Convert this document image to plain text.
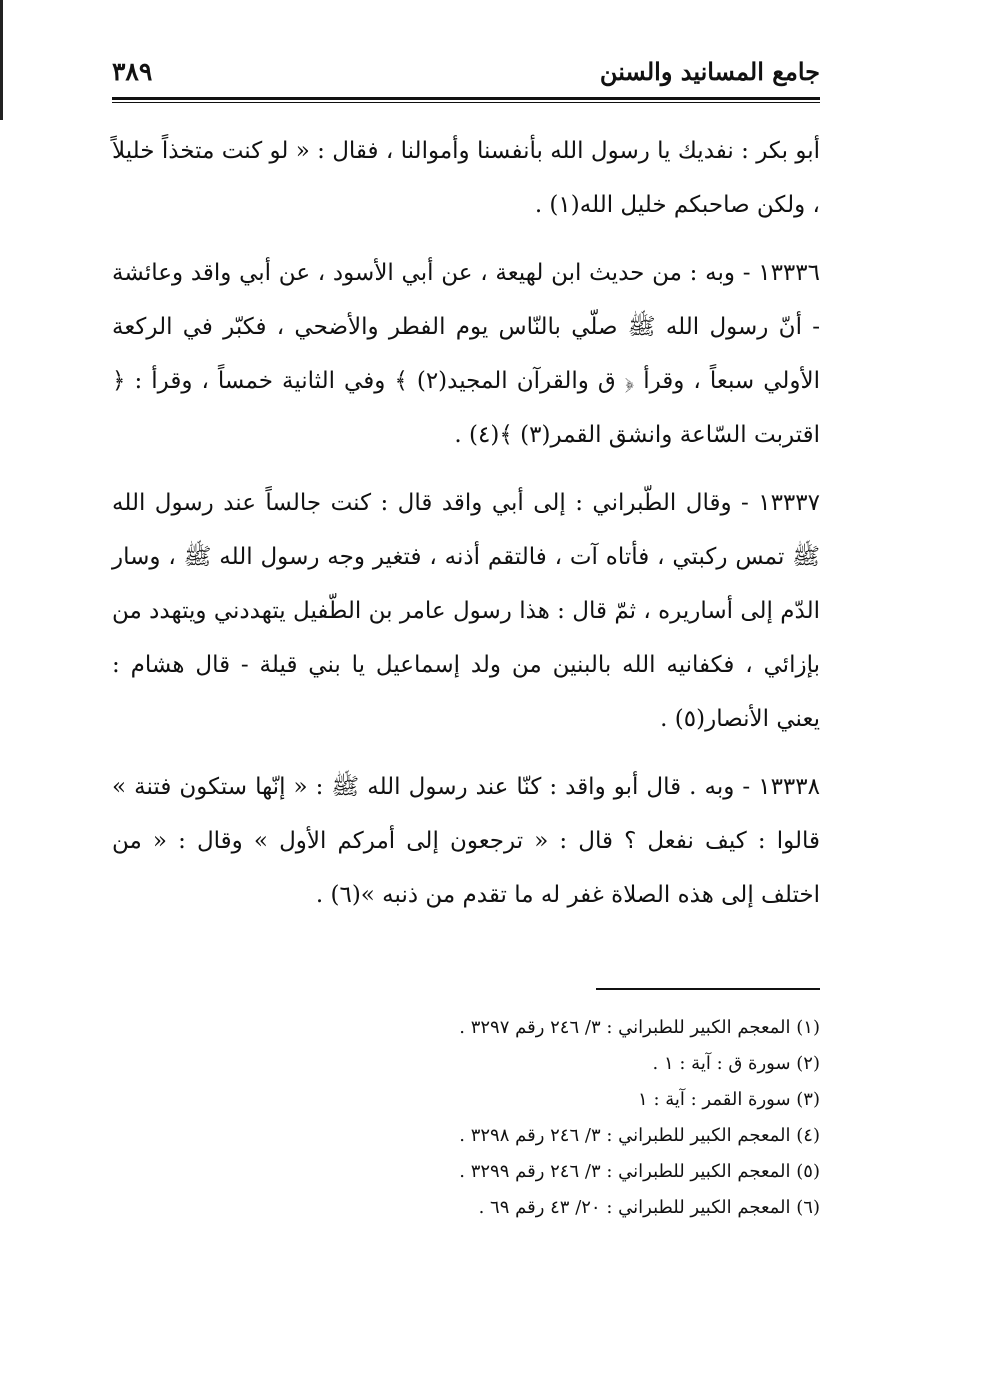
جامع المسانيد والسنن
٣٨٩

أبو بكر : نفديك يا رسول الله بأنفسنا وأموالنا ، فقال : « لو كنت متخذاً خليلاً ، ولكن صاحبكم خليل الله(١) .

١٣٣٣٦ - وبه : من حديث ابن لهيعة ، عن أبي الأسود ، عن أبي واقد وعائشة - أنّ رسول الله ﷺ صلّي بالنّاس يوم الفطر والأضحي ، فكبّر في الركعة الأولي سبعاً ، وقرأ ﴿ ق والقرآن المجيد(٢) ﴾ وفي الثانية خمساً ، وقرأ : ﴿ اقتربت السّاعة وانشق القمر(٣) ﴾(٤) .

١٣٣٣٧ - وقال الطّبراني : إلى أبي واقد قال : كنت جالساً عند رسول الله ﷺ تمس ركبتي ، فأتاه آت ، فالتقم أذنه ، فتغير وجه رسول الله ﷺ ، وسار الدّم إلى أساريره ، ثمّ قال : هذا رسول عامر بن الطّفيل يتهددني ويتهدد من بإزائي ، فكفانيه الله بالبنين من ولد إسماعيل يا بني قيلة - قال هشام : يعني الأنصار(٥) .

١٣٣٣٨ - وبه . قال أبو واقد : كنّا عند رسول الله ﷺ : « إنّها ستكون فتنة » قالوا : كيف نفعل ؟ قال : « ترجعون إلى أمركم الأول » وقال : « من اختلف إلى هذه الصلاة غفر له ما تقدم من ذنبه »(٦) .

(١) المعجم الكبير للطبراني : ٣/ ٢٤٦ رقم ٣٢٩٧ .
(٢) سورة ق : آية : ١ .
(٣) سورة القمر : آية : ١
(٤) المعجم الكبير للطبراني : ٣/ ٢٤٦ رقم ٣٢٩٨ .
(٥) المعجم الكبير للطبراني : ٣/ ٢٤٦ رقم ٣٢٩٩ .
(٦) المعجم الكبير للطبراني : ٢٠/ ٤٣ رقم ٦٩ .
